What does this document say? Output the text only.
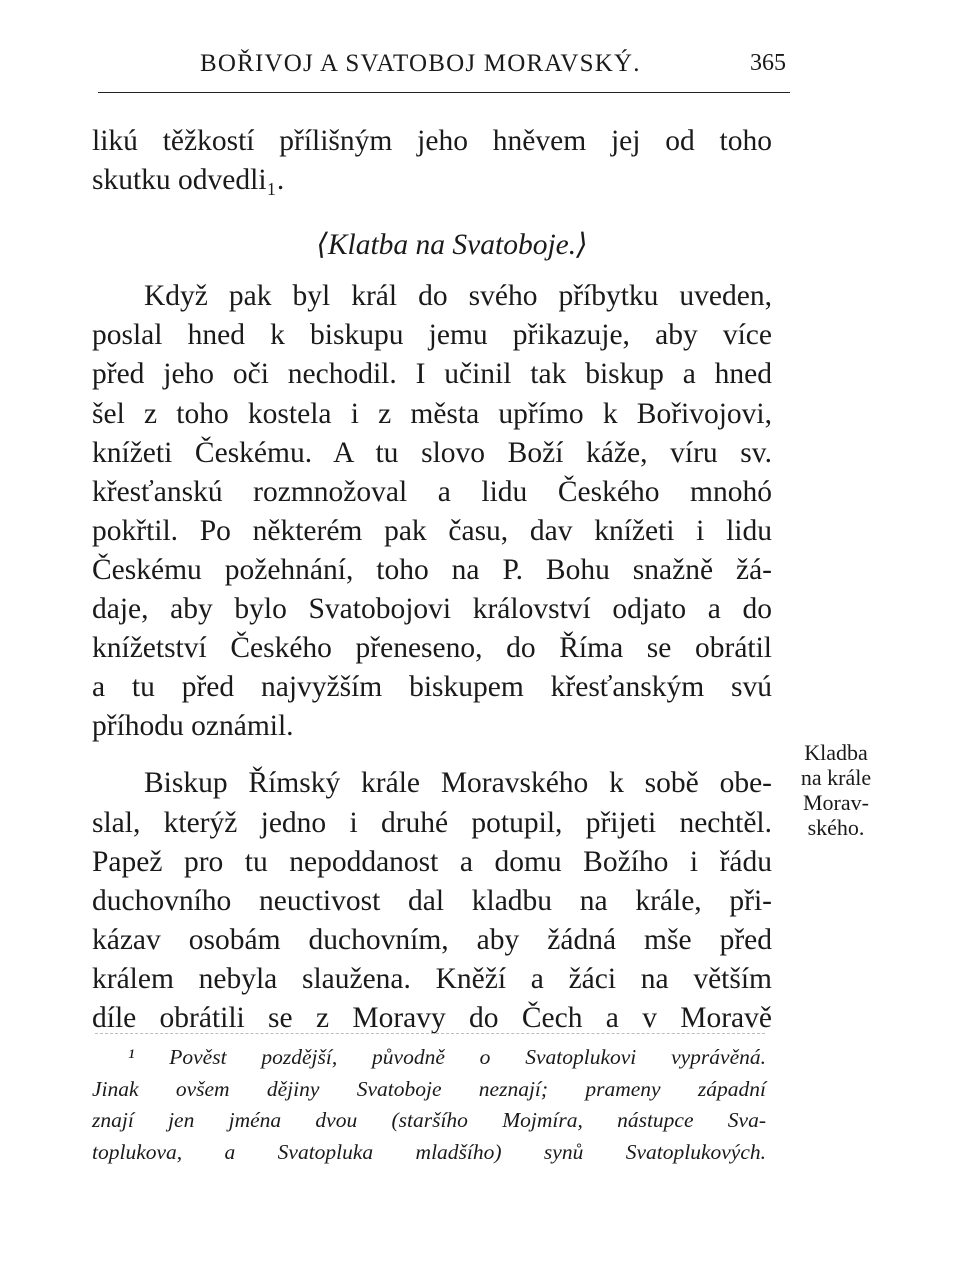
BOŘIVOJ A SVATOBOJ MORAVSKÝ.	365
likú těžkostí přílišným jeho hněvem jej od toho
skutku odvedli₁.
⟨Klatba na Svatoboje.⟩
Když pak byl král do svého příbytku uveden,
poslal hned k biskupu jemu přikazuje, aby více
před jeho oči nechodil. I učinil tak biskup a hned
šel z toho kostela i z města upřímo k Bořivojovi,
knížeti Českému. A tu slovo Boží káže, víru sv.
křesťanskú rozmnožoval a lidu Českého mnohó
pokřtil. Po některém pak času, dav knížeti i lidu
Českému požehnání, toho na P. Bohu snažně žá-
daje, aby bylo Svatobojovi království odjato a do
knížetství Českého přeneseno, do Říma se obrátil
a tu před najvyžším biskupem křesťanským svú
příhodu oznámil.
Biskup Římský krále Moravského k sobě obe-
slal, kterýž jedno i druhé potupil, přijeti nechtěl.
Papež pro tu nepoddanost a domu Božího i řádu
duchovního neuctivost dal kladbu na krále, při-
kázav osobám duchovním, aby žádná mše před
králem nebyla slaužena. Kněží a žáci na větším
díle obrátili se z Moravy do Čech a v Moravě
Kladba
na krále
Morav-
ského.
¹ Pověst pozdější, původně o Svatoplukovi vyprávěná.
Jinak ovšem dějiny Svatoboje neznají; prameny západní
znají jen jména dvou (staršího Mojmíra, nástupce Sva-
toplukova, a Svatopluka mladšího) synů Svatoplukových.
